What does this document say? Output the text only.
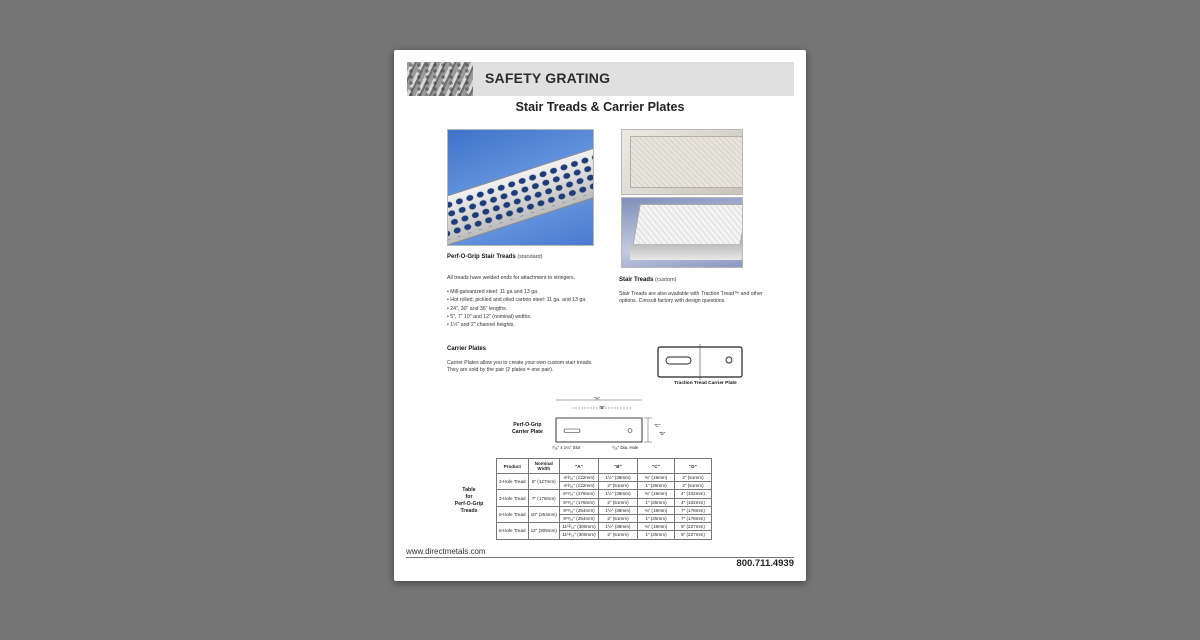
SAFETY GRATING
Stair Treads & Carrier Plates
Perf-O-Grip Stair Treads (standard)
All treads have welded ends for attachment to stringers.
• Mill-galvanized steel: 11 ga and 13 ga.
• Hot rolled, pickled and oiled carbon steel: 11 ga. and 13 ga.
• 24", 30" and 36" lengths.
• 5", 7" 10" and 12" (nominal) widths.
• 1½" and 2" channel heights.
Stair Treads (custom)
Stair Treads are also available with Traction Tread™ and other
options. Consult factory with design questions.
Carrier Plates
Carrier Plates allow you to create your own custom stair treads.
They are sold by the pair (2 plates = one pair).
Traction Tread Carrier Plate
Perf-O-Grip
Carrier Plate
"A"
"B"
"C"
"D"
⁷⁄₁₆" x 1¼" Slot	⁷⁄₁₆" Dia. Hole
Table
for
Perf-O-Grip
Treads
Product	Nominal Width	"A"	"B"	"C"	"D"
2-Hole Tread	5" (127mm)	4¹³⁄₁₆" (122mm)	1½" (38mm)	¾" (19mm)	2" (51mm)
		4¹³⁄₁₆" (122mm)	2" (51mm)	1" (25mm)	2" (51mm)
3-Hole Tread	7" (178mm)	6¹⁵⁄₁₆" (176mm)	1½" (38mm)	¾" (19mm)	4" (102mm)
		6¹⁵⁄₁₆" (176mm)	2" (51mm)	1" (25mm)	4" (102mm)
5-Hole Tread	10" (254mm)	9¹⁵⁄₁₆" (254mm)	1½" (38mm)	¾" (19mm)	7" (178mm)
		9¹⁵⁄₁₆" (254mm)	2" (51mm)	1" (25mm)	7" (178mm)
6-Hole Tread	12" (305mm)	11¹³⁄₁₆" (300mm)	1½" (38mm)	¾" (19mm)	9" (227mm)
		11¹³⁄₁₆" (300mm)	2" (51mm)	1" (25mm)	9" (227mm)
www.directmetals.com
800.711.4939
